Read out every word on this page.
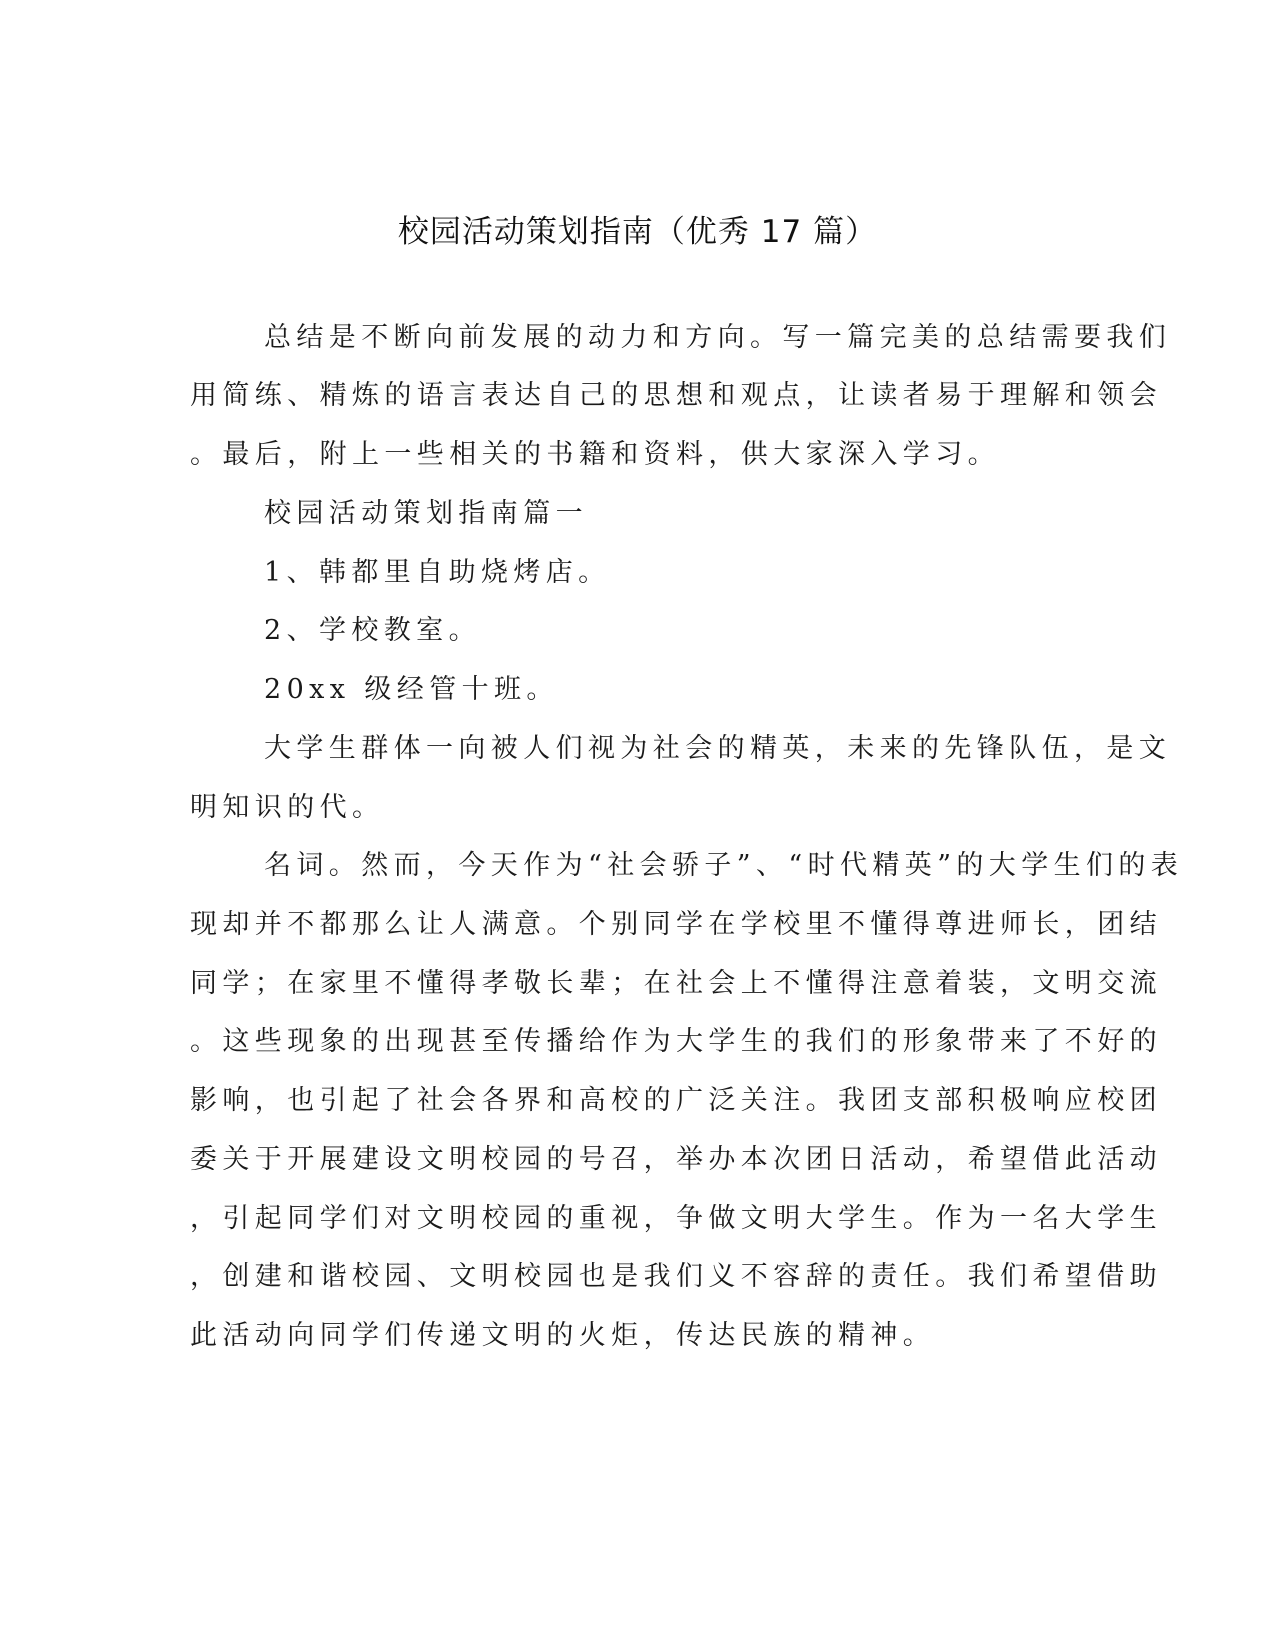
校园活动策划指南（优秀 17 篇）
总结是不断向前发展的动力和方向。写一篇完美的总结需要我们
用简练、精炼的语言表达自己的思想和观点，让读者易于理解和领会
。最后，附上一些相关的书籍和资料，供大家深入学习。
校园活动策划指南篇一
1、韩都里自助烧烤店。
2、学校教室。
20xx 级经管十班。
大学生群体一向被人们视为社会的精英，未来的先锋队伍，是文
明知识的代。
名词。然而，今天作为“社会骄子”、“时代精英”的大学生们的表
现却并不都那么让人满意。个别同学在学校里不懂得尊进师长，团结
同学；在家里不懂得孝敬长辈；在社会上不懂得注意着装，文明交流
。这些现象的出现甚至传播给作为大学生的我们的形象带来了不好的
影响，也引起了社会各界和高校的广泛关注。我团支部积极响应校团
委关于开展建设文明校园的号召，举办本次团日活动，希望借此活动
，引起同学们对文明校园的重视，争做文明大学生。作为一名大学生
，创建和谐校园、文明校园也是我们义不容辞的责任。我们希望借助
此活动向同学们传递文明的火炬，传达民族的精神。
